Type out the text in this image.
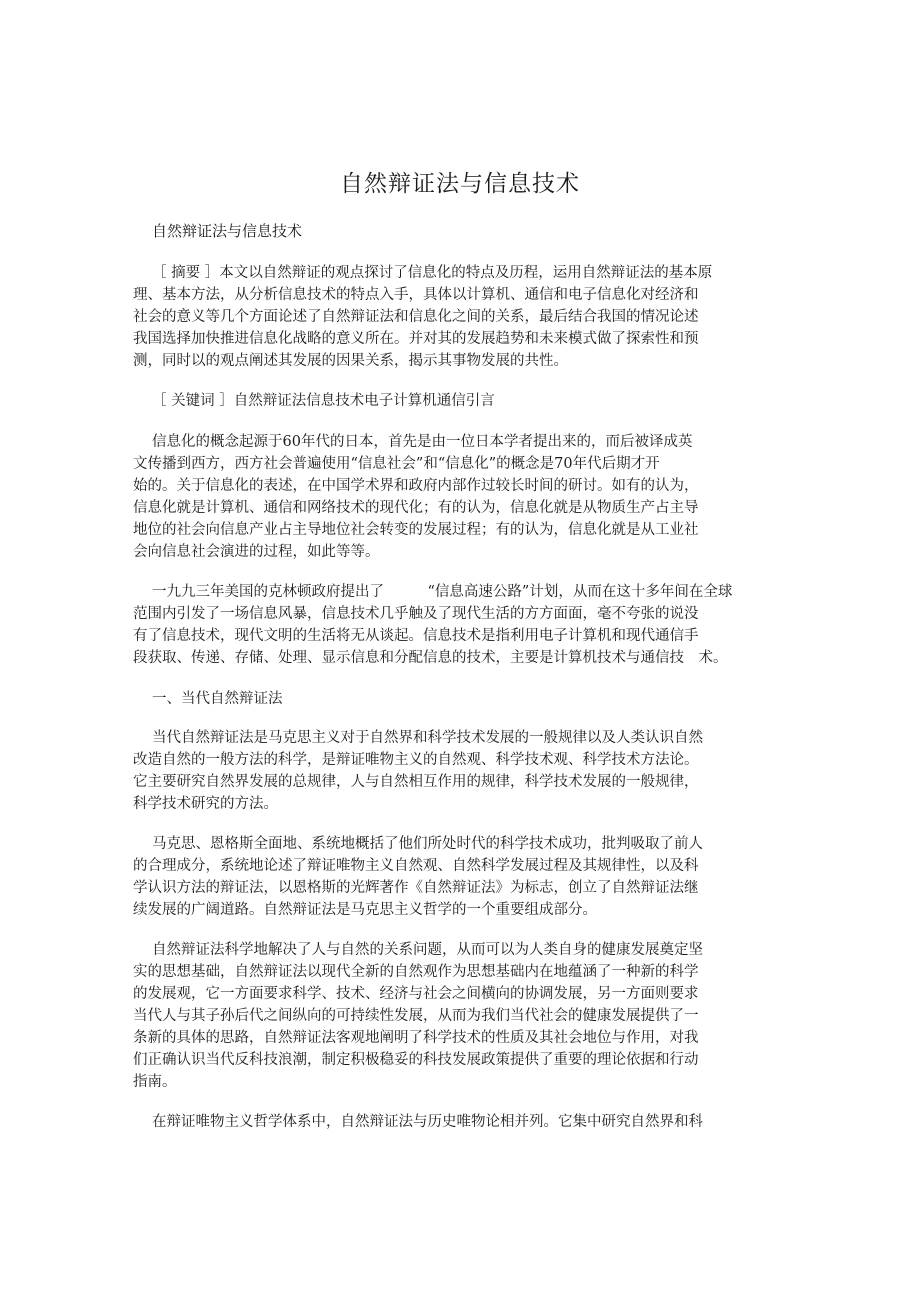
自然辩证法与信息技术

自然辩证法与信息技术

［ 摘要 ］本文以自然辩证的观点探讨了信息化的特点及历程，运用自然辩证法的基本原

理、基本方法，从分析信息技术的特点入手，具体以计算机、通信和电子信息化对经济和

社会的意义等几个方面论述了自然辩证法和信息化之间的关系，最后结合我国的情况论述

我国选择加快推进信息化战略的意义所在。并对其的发展趋势和未来模式做了探索性和预

测，同时以的观点阐述其发展的因果关系，揭示其事物发展的共性。

［ 关键词 ］自然辩证法信息技术电子计算机通信引言

信息化的概念起源于60年代的日本，首先是由一位日本学者提出来的，而后被译成英

文传播到西方，西方社会普遍使用“信息社会”和“信息化”的概念是70年代后期才开

始的。关于信息化的表述，在中国学术界和政府内部作过较长时间的研讨。如有的认为，

信息化就是计算机、通信和网络技术的现代化；有的认为，信息化就是从物质生产占主导

地位的社会向信息产业占主导地位社会转变的发展过程；有的认为，信息化就是从工业社

会向信息社会演进的过程，如此等等。

一九九三年美国的克林顿政府提出了　　　“信息高速公路”计划，从而在这十多年间在全球

范围内引发了一场信息风暴，信息技术几乎触及了现代生活的方方面面，毫不夸张的说没

有了信息技术，现代文明的生活将无从谈起。信息技术是指利用电子计算机和现代通信手

段获取、传递、存储、处理、显示信息和分配信息的技术，主要是计算机技术与通信技　术。

一、当代自然辩证法

当代自然辩证法是马克思主义对于自然界和科学技术发展的一般规律以及人类认识自然

改造自然的一般方法的科学，是辩证唯物主义的自然观、科学技术观、科学技术方法论。

它主要研究自然界发展的总规律，人与自然相互作用的规律，科学技术发展的一般规律，

科学技术研究的方法。

马克思、恩格斯全面地、系统地概括了他们所处时代的科学技术成功，批判吸取了前人

的合理成分，系统地论述了辩证唯物主义自然观、自然科学发展过程及其规律性，以及科

学认识方法的辩证法，以恩格斯的光辉著作《自然辩证法》为标志，创立了自然辩证法继

续发展的广阔道路。自然辩证法是马克思主义哲学的一个重要组成部分。

自然辩证法科学地解决了人与自然的关系问题，从而可以为人类自身的健康发展奠定坚

实的思想基础，自然辩证法以现代全新的自然观作为思想基础内在地蕴涵了一种新的科学

的发展观，它一方面要求科学、技术、经济与社会之间横向的协调发展，另一方面则要求

当代人与其子孙后代之间纵向的可持续性发展，从而为我们当代社会的健康发展提供了一

条新的具体的思路，自然辩证法客观地阐明了科学技术的性质及其社会地位与作用，对我

们正确认识当代反科技浪潮，制定积极稳妥的科技发展政策提供了重要的理论依据和行动

指南。

在辩证唯物主义哲学体系中，自然辩证法与历史唯物论相并列。它集中研究自然界和科
